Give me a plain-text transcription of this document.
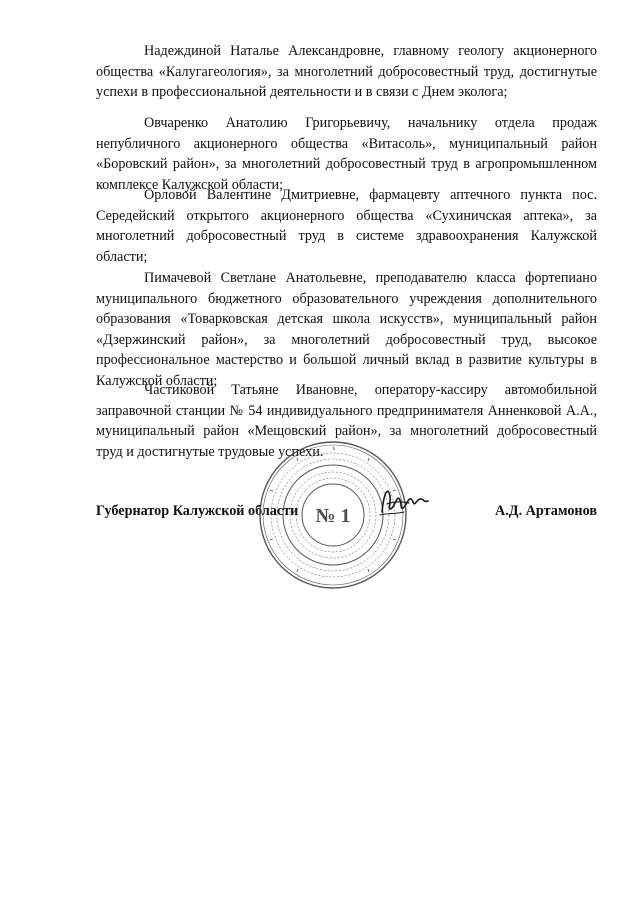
Надеждиной Наталье Александровне, главному геологу акционерного общества «Калугагеология», за многолетний добросовестный труд, достигнутые успехи в профессиональной деятельности и в связи с Днем эколога;

Овчаренко Анатолию Григорьевичу, начальнику отдела продаж непубличного акционерного общества «Витасоль», муниципальный район «Боровский район», за многолетний добросовестный труд в агропромышленном комплексе Калужской области;

Орловой Валентине Дмитриевне, фармацевту аптечного пункта пос. Середейский открытого акционерного общества «Сухиничская аптека», за многолетний добросовестный труд в системе здравоохранения Калужской области;

Пимачевой Светлане Анатольевне, преподавателю класса фортепиано муниципального бюджетного образовательного учреждения дополнительного образования «Товарковская детская школа искусств», муниципальный район «Дзержинский район», за многолетний добросовестный труд, высокое профессиональное мастерство и большой личный вклад в развитие культуры в Калужской области;

Частиковой Татьяне Ивановне, оператору-кассиру автомобильной заправочной станции № 54 индивидуального предпринимателя Анненковой А.А., муниципальный район «Мещовский район», за многолетний добросовестный труд и достигнутые трудовые успехи.

Губернатор Калужской области	А.Д. Артамонов
№ 1
